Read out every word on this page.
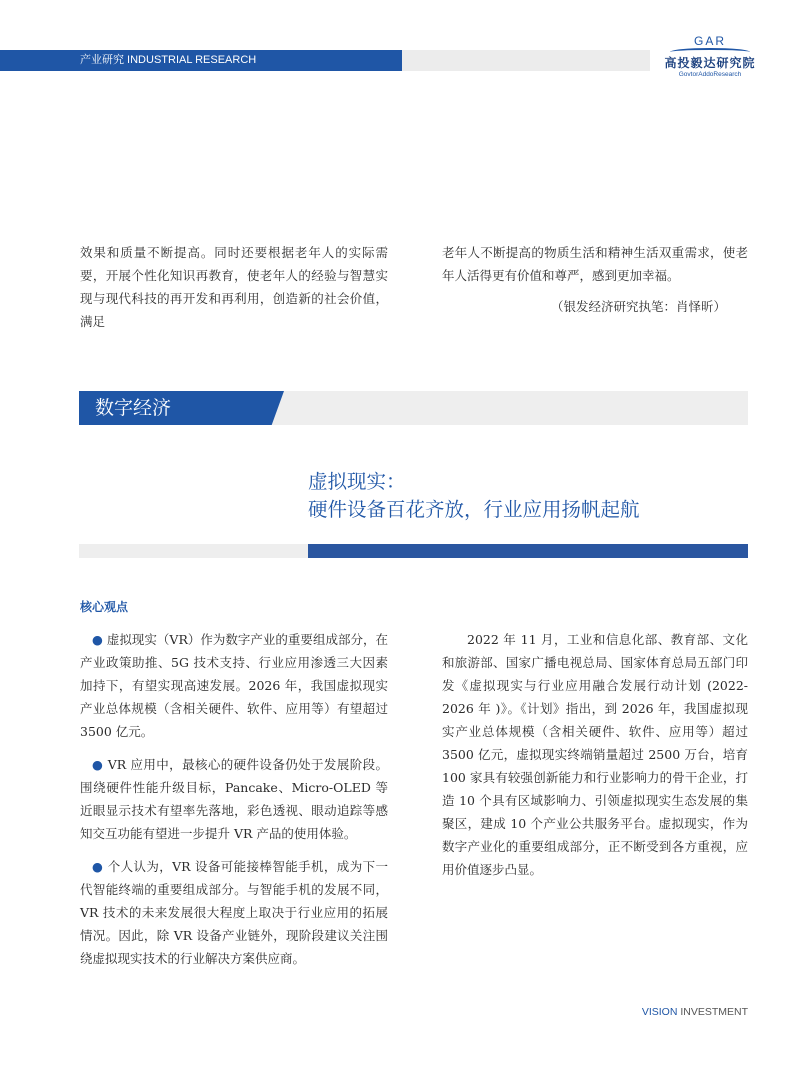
产业研究 INDUSTRIAL RESEARCH
GAR
高投毅达研究院
GovtorAddoResearch

效果和质量不断提高。同时还要根据老年人的实际需要，开展个性化知识再教育，使老年人的经验与智慧实现与现代科技的再开发和再利用，创造新的社会价值，满足

老年人不断提高的物质生活和精神生活双重需求，使老年人活得更有价值和尊严，感到更加幸福。

（银发经济研究执笔：肖怿昕）
数字经济
虚拟现实：
硬件设备百花齐放，行业应用扬帆起航
核心观点

● 虚拟现实（VR）作为数字产业的重要组成部分，在产业政策助推、5G 技术支持、行业应用渗透三大因素加持下，有望实现高速发展。2026 年，我国虚拟现实产业总体规模（含相关硬件、软件、应用等）有望超过 3500 亿元。

● VR 应用中，最核心的硬件设备仍处于发展阶段。围绕硬件性能升级目标，Pancake、Micro-OLED 等近眼显示技术有望率先落地，彩色透视、眼动追踪等感知交互功能有望进一步提升 VR 产品的使用体验。

● 个人认为，VR 设备可能接棒智能手机，成为下一代智能终端的重要组成部分。与智能手机的发展不同，VR 技术的未来发展很大程度上取决于行业应用的拓展情况。因此，除 VR 设备产业链外，现阶段建议关注围绕虚拟现实技术的行业解决方案供应商。

2022 年 11 月，工业和信息化部、教育部、文化和旅游部、国家广播电视总局、国家体育总局五部门印发《虚拟现实与行业应用融合发展行动计划 (2022-2026 年 )》。《计划》指出，到 2026 年，我国虚拟现实产业总体规模（含相关硬件、软件、应用等）超过 3500 亿元，虚拟现实终端销量超过 2500 万台，培育 100 家具有较强创新能力和行业影响力的骨干企业，打造 10 个具有区域影响力、引领虚拟现实生态发展的集聚区，建成 10 个产业公共服务平台。虚拟现实，作为数字产业化的重要组成部分，正不断受到各方重视，应用价值逐步凸显。

VISION INVESTMENT
